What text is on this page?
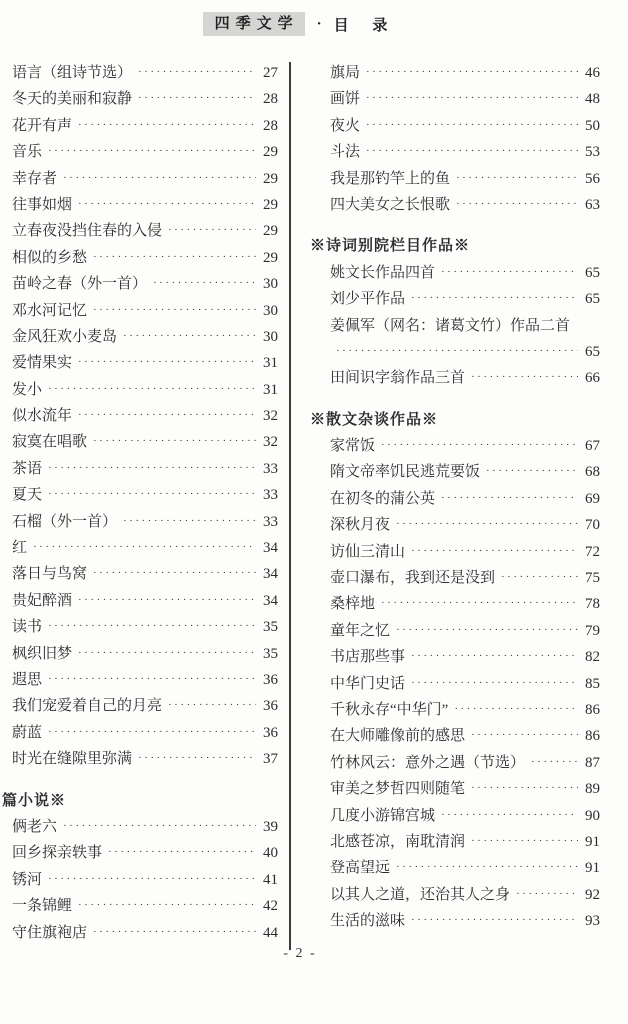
四季文学	· 目 录
语言（组诗节选） ·····	27
冬天的美丽和寂静 ·····	28
花开有声 ·····	28
音乐 ·····	29
幸存者 ·····	29
往事如烟 ·····	29
立春夜没挡住春的入侵 ·····	29
相似的乡愁 ·····	29
苗岭之春（外一首） ·····	30
邓水河记忆 ·····	30
金风狂欢小麦岛 ·····	30
爱情果实 ·····	31
发小 ·····	31
似水流年 ·····	32
寂寞在唱歌 ·····	32
茶语 ·····	33
夏天 ·····	33
石榴（外一首） ·····	33
红 ·····	34
落日与鸟窝 ·····	34
贵妃醉酒 ·····	34
读书 ·····	35
枫织旧梦 ·····	35
遐思 ·····	36
我们宠爱着自己的月亮 ·····	36
蔚蓝 ·····	36
时光在缝隙里弥满 ·····	37
篇小说※
俩老六 ·····	39
回乡探亲轶事 ·····	40
锈河 ·····	41
一条锦鲤 ·····	42
守住旗袍店 ·····	44
旗局 ·····	46
画饼 ·····	48
夜火 ·····	50
斗法 ·····	53
我是那钓竿上的鱼 ·····	56
四大美女之长恨歌 ·····	63
※诗词别院栏目作品※
姚文长作品四首 ·····	65
刘少平作品 ·····	65
姜佩军（网名：诸葛文竹）作品二首
·····
65
田间识字翁作品三首 ·····	66
※散文杂谈作品※
家常饭 ·····	67
隋文帝率饥民逃荒要饭 ·····	68
在初冬的蒲公英 ·····	69
深秋月夜 ·····	70
访仙三清山 ·····	72
壶口瀑布，我到还是没到 ·····	75
桑梓地 ·····	78
童年之忆 ·····	79
书店那些事 ·····	82
中华门史话 ·····	85
千秋永存“中华门” ·····	86
在大师雕像前的感思 ·····	86
竹林风云：意外之遇（节选） ·····	87
审美之梦哲四则随笔 ·····	89
几度小游锦宫城 ·····	90
北感苍凉，南耽清润 ·····	91
登高望远 ·····	91
以其人之道，还治其人之身 ·····	92
生活的滋味 ·····	93
- 2 -
